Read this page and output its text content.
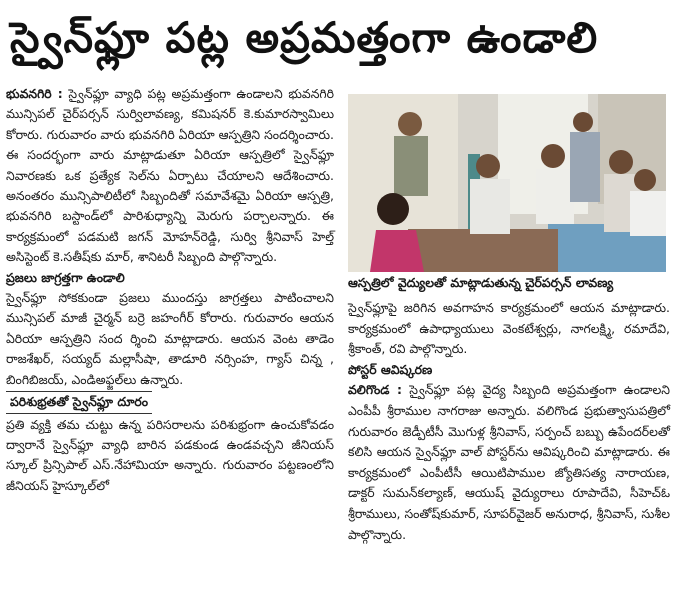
స్వైన్‌ఫ్లూ పట్ల అప్రమత్తంగా ఉండాలి

భువనగిరి : స్వైన్‌ఫ్లూ వ్యాధి పట్ల అప్రమత్తంగా ఉండాలని భువనగిరి మున్సిపల్ చైర్‌పర్సన్ సుర్విలావణ్య, కమిషనర్ కె.కుమారస్వామిలు కోరారు. గురువారం వారు భువనగిరి ఏరియా ఆస్పత్రిని సందర్శించారు. ఈ సందర్భంగా వారు మాట్లాడుతూ ఏరియా ఆస్పత్రిలో స్వైన్‌ఫ్లూ నివారణకు ఒక ప్రత్యేక సెల్‌ను ఏర్పాటు చేయాలని ఆదేశించారు. అనంతరం మున్సిపాలిటీలో సిబ్బందితో సమావేశమై ఏరియా ఆస్పత్రి, భువనగిరి బస్టాండ్‌లో పారిశుధ్యాన్ని మెరుగు పర్చాలన్నారు. ఈ కార్యక్రమంలో పడమటి జగన్ మోహన్‌రెడ్డి, సుర్వి శ్రీనివాస్ హెల్త్ అసిస్టెంట్ కె.సతీష్‌కు మార్, శానిటరీ సిబ్బంది పాల్గొన్నారు.

ప్రజలు జాగ్రత్తగా ఉండాలి

స్వైన్‌ఫ్లూ సోకకుండా ప్రజలు ముందస్తు జాగ్రత్తలు పాటించాలని మున్సిపల్ మాజీ చైర్మన్ బర్రె జహంగీర్ కోరారు. గురువారం ఆయన ఏరియా ఆస్పత్రిని సంద ర్శించి మాట్లాడారు. ఆయన వెంట తాడెం రాజశేఖర్, సయ్యద్ మల్లాసీషా, తాడూరి నర్సింహ, గ్యాస్ చిన్న , బింగిబిజయ్, ఎండిఅఫ్జల్‌లు ఉన్నారు.

పరిశుభ్రతతో స్వైన్‌ఫ్లూ దూరం

ప్రతి వ్యక్తి తమ చుట్టు ఉన్న పరిసరాలను పరిశుభ్రంగా ఉంచుకోవడం ద్వారానే స్వైన్‌ఫ్లూ వ్యాధి బారిన పడకుండ ఉండవచ్చని జీనియస్ స్కూల్ ప్రిన్సిపాల్ ఎస్.నేహామియా అన్నారు. గురువారం పట్టణంలోని జీనియస్ హైస్కూల్‌లో

ఆస్పత్రిలో వైద్యులతో మాట్లాడుతున్న చైర్‌పర్సన్ లావణ్య

స్వైన్‌ఫ్లూపై జరిగిన అవగాహన కార్యక్రమంలో ఆయన మాట్లాడారు. కార్యక్రమంలో ఉపాధ్యాయులు వెంకటేశ్వర్లు, నాగలక్ష్మి, రమాదేవి, శ్రీకాంత్, రవి పాల్గొన్నారు.

పోస్టర్ ఆవిష్కరణ

వలిగొండ : స్వైన్‌ఫ్లూ పట్ల వైద్య సిబ్బంది అప్రమత్తంగా ఉండాలని ఎంపీపీ శ్రీరాముల నాగరాజు అన్నారు. వలిగొండ ప్రభుత్వాసుపత్రిలో గురువారం జెడ్పీటీసీ మొగుళ్ల శ్రీనివాస్, సర్పంచ్ బబ్బు ఉపేందర్‌లతో కలిసి ఆయన స్వైన్‌ఫ్లూ వాల్ పోస్టర్‌ను ఆవిష్కరించి మాట్లాడారు. ఈ కార్యక్రమంలో ఎంపీటీసీ ఆయిటిపాముల జ్యోతిసత్య నారాయణ, డాక్టర్ సుమన్‌కల్యాణ్, ఆయుష్ వైద్యురాలు రూపాదేవి, సీహెచ్‌ఓ శ్రీరాములు, సంతోష్‌కుమార్, సూపర్‌వైజర్ అనురాధ, శ్రీనివాస్, సుశీల పాల్గొన్నారు.
